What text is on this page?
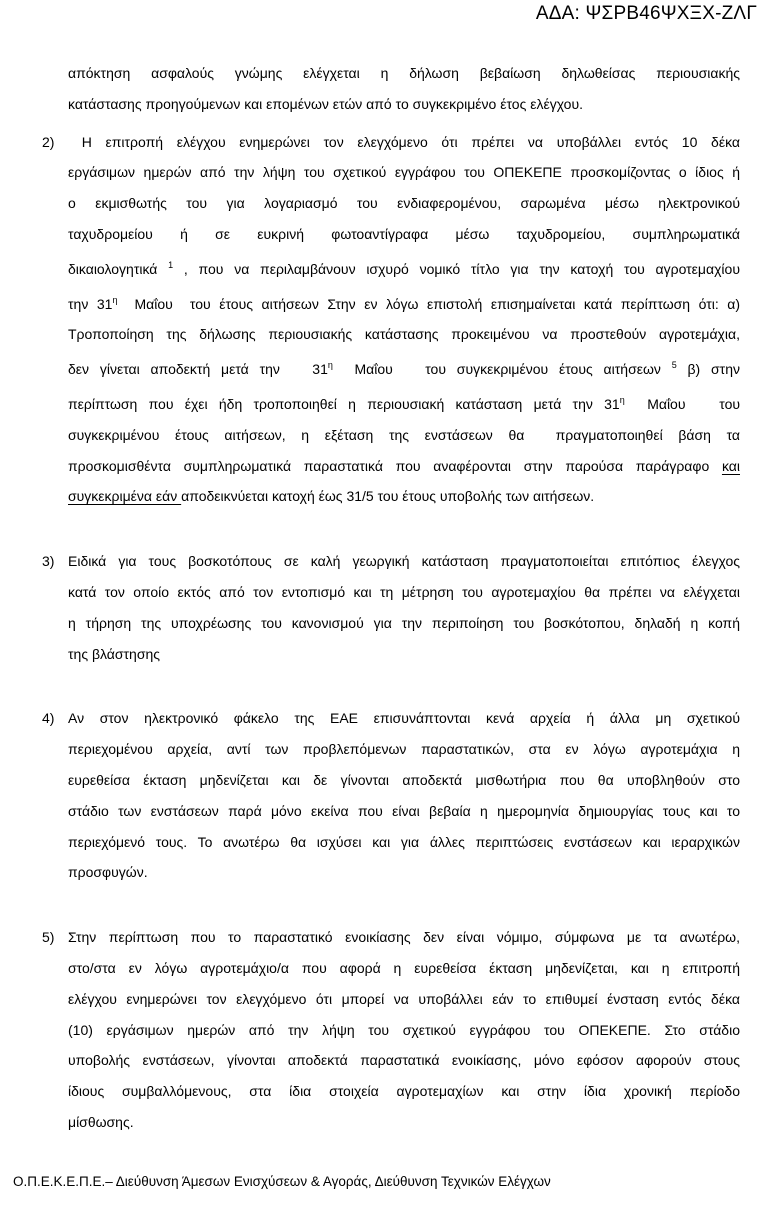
ΑΔΑ: ΨΣΡΒ46ΨΧΞΧ-ΖΛΓ
απόκτηση ασφαλούς γνώμης ελέγχεται η δήλωση βεβαίωση δηλωθείσας περιουσιακής
κατάστασης προηγούμενων και επομένων ετών από το συγκεκριμένο έτος ελέγχου.
2) Η επιτροπή ελέγχου ενημερώνει τον ελεγχόμενο ότι πρέπει να υποβάλλει εντός 10 δέκα
εργάσιμων ημερών από την λήψη του σχετικού εγγράφου του ΟΠΕΚΕΠΕ προσκομίζοντας ο ίδιος ή
ο εκμισθωτής του για λογαριασμό του ενδιαφερομένου, σαρωμένα μέσω ηλεκτρονικού
ταχυδρομείου ή σε ευκρινή φωτοαντίγραφα μέσω ταχυδρομείου, συμπληρωματικά
δικαιολογητικά $^1$ , που να περιλαμβάνουν ισχυρό νομικό τίτλο για την κατοχή του αγροτεμαχίου
την $31^\eta$  Μαΐου  του έτους αιτήσεων Στην εν λόγω επιστολή επισημαίνεται κατά περίπτωση ότι: α)
Τροποποίηση της δήλωσης περιουσιακής κατάστασης προκειμένου να προστεθούν αγροτεμάχια,
δεν γίνεται αποδεκτή μετά την   $31^\eta$  Μαΐου   του συγκεκριμένου έτους αιτήσεων $^5$ β) στην
περίπτωση που έχει ήδη τροποποιηθεί η περιουσιακή κατάσταση μετά την $31^\eta$  Μαΐου   του
συγκεκριμένου έτους αιτήσεων, η εξέταση της ενστάσεων θα  πραγματοποιηθεί βάση τα
προσκομισθέντα συμπληρωματικά παραστατικά που αναφέρονται στην παρούσα παράγραφο και
συγκεκριμένα εάν αποδεικνύεται κατοχή έως 31/5 του έτους υποβολής των αιτήσεων.
3) Ειδικά για τους βοσκοτόπους σε καλή γεωργική κατάσταση πραγματοποιείται επιτόπιος έλεγχος
κατά τον οποίο εκτός από τον εντοπισμό και τη μέτρηση του αγροτεμαχίου θα πρέπει να ελέγχεται
η τήρηση της υποχρέωσης του κανονισμού για την περιποίηση του βοσκότοπου, δηλαδή η κοπή
της βλάστησης
4) Αν στον ηλεκτρονικό φάκελο της ΕΑΕ επισυνάπτονται κενά αρχεία ή άλλα μη σχετικού
περιεχομένου αρχεία, αντί των προβλεπόμενων παραστατικών, στα εν λόγω αγροτεμάχια η
ευρεθείσα έκταση μηδενίζεται και δε γίνονται αποδεκτά μισθωτήρια που θα υποβληθούν στο
στάδιο των ενστάσεων παρά μόνο εκείνα που είναι βεβαία η ημερομηνία δημιουργίας τους και το
περιεχόμενό τους. Το ανωτέρω θα ισχύσει και για άλλες περιπτώσεις ενστάσεων και ιεραρχικών
προσφυγών.
5) Στην περίπτωση που το παραστατικό ενοικίασης δεν είναι νόμιμο, σύμφωνα με τα ανωτέρω,
στο/στα εν λόγω αγροτεμάχιο/α που αφορά η ευρεθείσα έκταση μηδενίζεται, και η επιτροπή
ελέγχου ενημερώνει τον ελεγχόμενο ότι μπορεί να υποβάλλει εάν το επιθυμεί ένσταση εντός δέκα
(10) εργάσιμων ημερών από την λήψη του σχετικού εγγράφου του ΟΠΕΚΕΠΕ. Στο στάδιο
υποβολής ενστάσεων, γίνονται αποδεκτά παραστατικά ενοικίασης, μόνο εφόσον αφορούν στους
ίδιους συμβαλλόμενους, στα ίδια στοιχεία αγροτεμαχίων και στην ίδια χρονική περίοδο
μίσθωσης.
Ο.Π.Ε.Κ.Ε.Π.Ε.– Διεύθυνση Άμεσων Ενισχύσεων & Αγοράς, Διεύθυνση Τεχνικών Ελέγχων
